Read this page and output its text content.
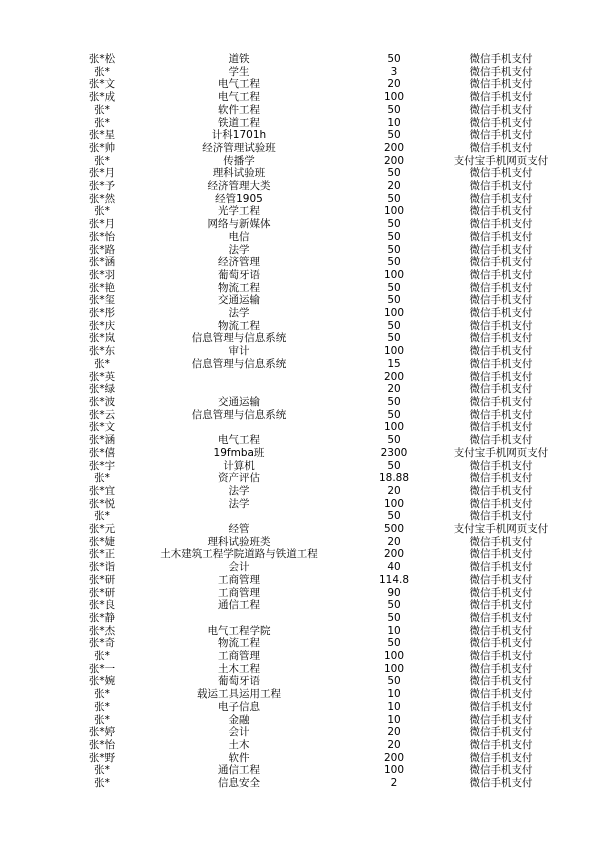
张*松	道铁	50	微信手机支付
张*	学生	3	微信手机支付
张*文	电气工程	20	微信手机支付
张*成	电气工程	100	微信手机支付
张*	软件工程	50	微信手机支付
张*	铁道工程	10	微信手机支付
张*星	计科1701h	50	微信手机支付
张*帅	经济管理试验班	200	微信手机支付
张*	传播学	200	支付宝手机网页支付
张*月	理科试验班	50	微信手机支付
张*予	经济管理大类	20	微信手机支付
张*然	经管1905	50	微信手机支付
张*	光学工程	100	微信手机支付
张*月	网络与新媒体	50	微信手机支付
张*怡	电信	50	微信手机支付
张*路	法学	50	微信手机支付
张*涵	经济管理	50	微信手机支付
张*羽	葡萄牙语	100	微信手机支付
张*艳	物流工程	50	微信手机支付
张*玺	交通运输	50	微信手机支付
张*彤	法学	100	微信手机支付
张*庆	物流工程	50	微信手机支付
张*岚	信息管理与信息系统	50	微信手机支付
张*东	审计	100	微信手机支付
张*	信息管理与信息系统	15	微信手机支付
张*英		200	微信手机支付
张*绿		20	微信手机支付
张*波	交通运输	50	微信手机支付
张*云	信息管理与信息系统	50	微信手机支付
张*文		100	微信手机支付
张*涵	电气工程	50	微信手机支付
张*僖	19fmba班	2300	支付宝手机网页支付
张*宇	计算机	50	微信手机支付
张*	资产评估	18.88	微信手机支付
张*宜	法学	20	微信手机支付
张*悦	法学	100	微信手机支付
张*		50	微信手机支付
张*元	经管	500	支付宝手机网页支付
张*婕	理科试验班类	20	微信手机支付
张*正	土木建筑工程学院道路与铁道工程	200	微信手机支付
张*诣	会计	40	微信手机支付
张*研	工商管理	114.8	微信手机支付
张*研	工商管理	90	微信手机支付
张*良	通信工程	50	微信手机支付
张*静		50	微信手机支付
张*杰	电气工程学院	10	微信手机支付
张*奇	物流工程	50	微信手机支付
张*	工商管理	100	微信手机支付
张*一	土木工程	100	微信手机支付
张*婉	葡萄牙语	50	微信手机支付
张*	载运工具运用工程	10	微信手机支付
张*	电子信息	10	微信手机支付
张*	金融	10	微信手机支付
张*婷	会计	20	微信手机支付
张*怡	土木	20	微信手机支付
张*野	软件	200	微信手机支付
张*	通信工程	100	微信手机支付
张*	信息安全	2	微信手机支付
